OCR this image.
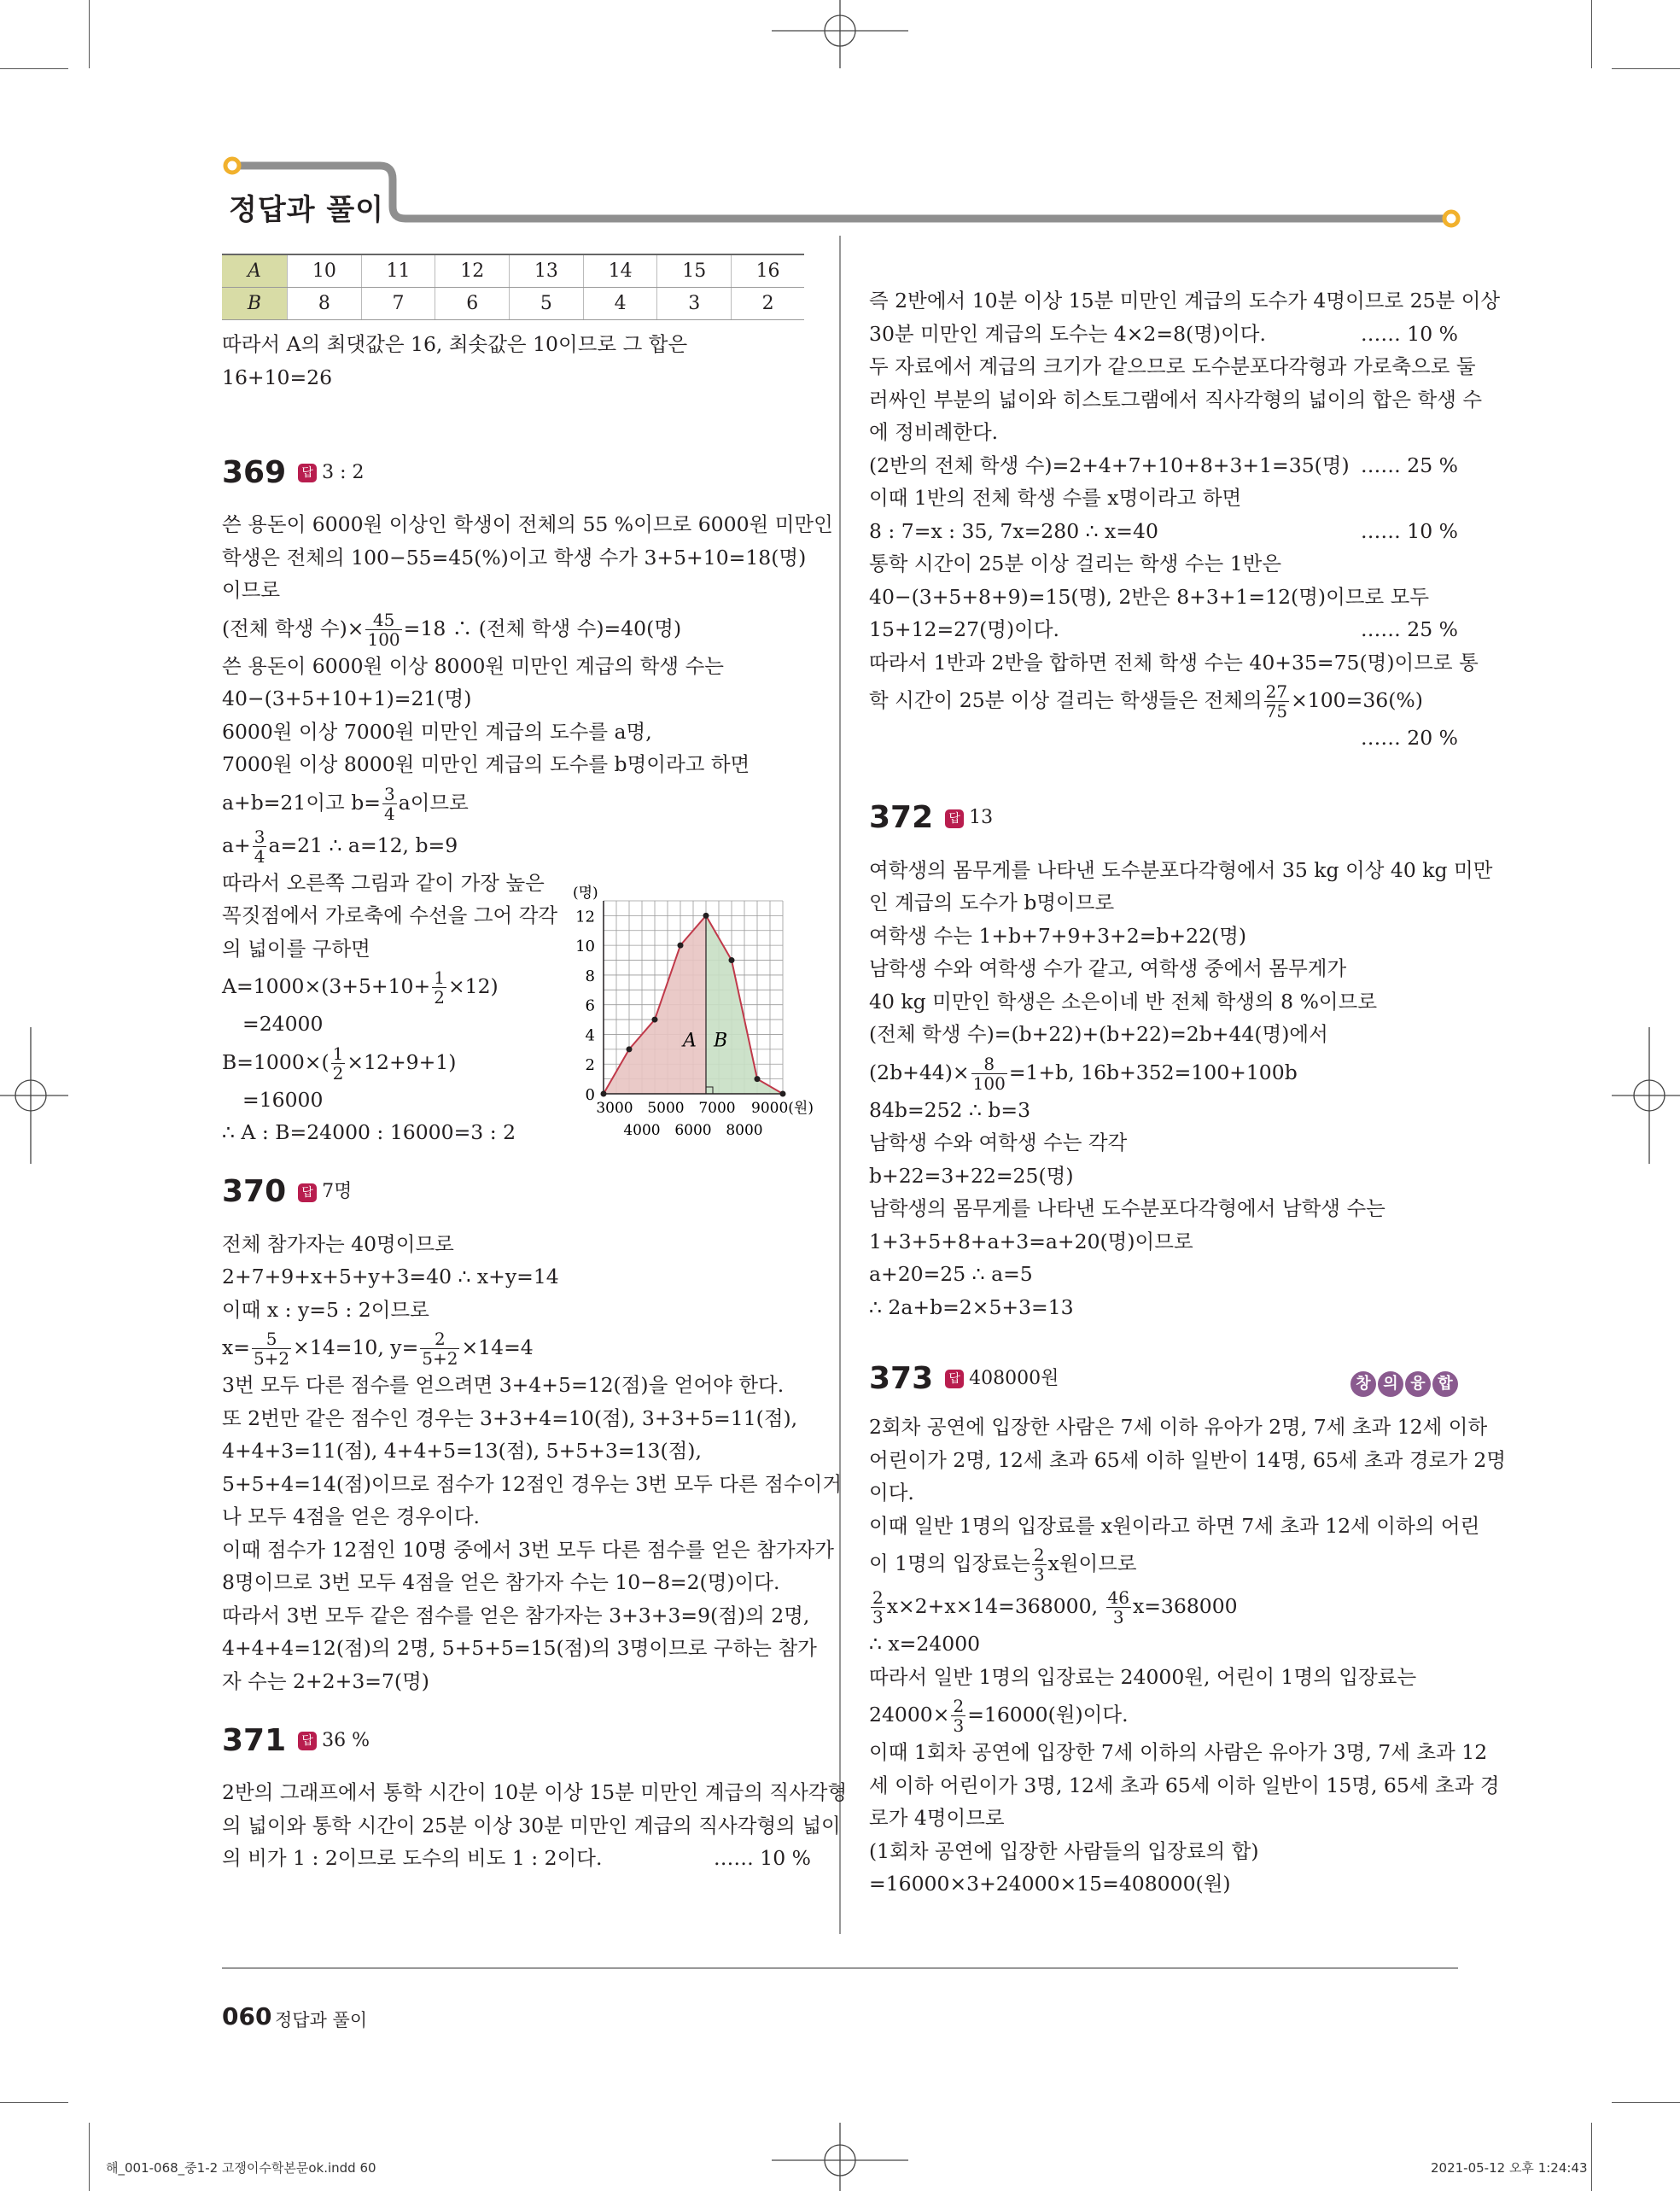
정답과 풀이
A	10	11	12	13	14	15	16
B	8	7	6	5	4	3	2
따라서 A의 최댓값은 16, 최솟값은 10이므로 그 합은
16+10=26
369	답 3 : 2
쓴 용돈이 6000원 이상인 학생이 전체의 55 %이므로 6000원 미만인
학생은 전체의 100−55=45(%)이고 학생 수가 3+5+10=18(명)
이므로
(전체 학생 수)× $\frac{45}{100} =18$ ∴ (전체 학생 수)=40(명)
쓴 용돈이 6000원 이상 8000원 미만인 계급의 학생 수는
40−(3+5+10+1)=21(명)
6000원 이상 7000원 미만인 계급의 도수를 a명,
7000원 이상 8000원 미만인 계급의 도수를 b명이라고 하면
a+b=21이고 $b= \frac{3}{4}$ a이므로
$a+ \frac{3}{4} a=21$ ∴ a=12, b=9
따라서 오른쪽 그림과 같이 가장 높은
꼭짓점에서 가로축에 수선을 그어 각각
의 넓이를 구하면
$A=1000\times(3+5+10+ \frac{1}{2} \times 12)$
=24000
$B=1000\times( \frac{1}{2} \times 12+9+1)$
=16000
∴ A : B=24000 : 16000=3 : 2
370	답 7명
전체 참가자는 40명이므로
2+7+9+x+5+y+3=40 ∴ x+y=14
이때 x : y=5 : 2이므로
$x= \frac{5}{5+2} \times 14=10$, $y= \frac{2}{5+2} \times 14=4$
3번 모두 다른 점수를 얻으려면 3+4+5=12(점)을 얻어야 한다.
또 2번만 같은 점수인 경우는 3+3+4=10(점), 3+3+5=11(점),
4+4+3=11(점), 4+4+5=13(점), 5+5+3=13(점),
5+5+4=14(점)이므로 점수가 12점인 경우는 3번 모두 다른 점수이거
나 모두 4점을 얻은 경우이다.
이때 점수가 12점인 10명 중에서 3번 모두 다른 점수를 얻은 참가자가
8명이므로 3번 모두 4점을 얻은 참가자 수는 10−8=2(명)이다.
따라서 3번 모두 같은 점수를 얻은 참가자는 3+3+3=9(점)의 2명,
4+4+4=12(점)의 2명, 5+5+5=15(점)의 3명이므로 구하는 참가
자 수는 2+2+3=7(명)
371	답 36 %
2반의 그래프에서 통학 시간이 10분 이상 15분 미만인 계급의 직사각형
의 넓이와 통학 시간이 25분 이상 30분 미만인 계급의 직사각형의 넓이
의 비가 1 : 2이므로 도수의 비도 1 : 2이다.	…… 10 %
0
2
4
6
8
10
12
(명)
3000 5000 7000 9000(원)
4000 6000 8000
A B
즉 2반에서 10분 이상 15분 미만인 계급의 도수가 4명이므로 25분 이상
30분 미만인 계급의 도수는 4×2=8(명)이다.	…… 10 %
두 자료에서 계급의 크기가 같으므로 도수분포다각형과 가로축으로 둘
러싸인 부분의 넓이와 히스토그램에서 직사각형의 넓이의 합은 학생 수
에 정비례한다.
(2반의 전체 학생 수)=2+4+7+10+8+3+1=35(명) …… 25 %
이때 1반의 전체 학생 수를 x명이라고 하면
8 : 7=x : 35, 7x=280 ∴ x=40	…… 10 %
통학 시간이 25분 이상 걸리는 학생 수는 1반은
40−(3+5+8+9)=15(명), 2반은 8+3+1=12(명)이므로 모두
15+12=27(명)이다.	…… 25 %
따라서 1반과 2반을 합하면 전체 학생 수는 40+35=75(명)이므로 통
학 시간이 25분 이상 걸리는 학생들은 전체의 $\frac{27}{75} \times 100=36(\%)$
…… 20 %
372	답 13
여학생의 몸무게를 나타낸 도수분포다각형에서 35 kg 이상 40 kg 미만
인 계급의 도수가 b명이므로
여학생 수는 1+b+7+9+3+2=b+22(명)
남학생 수와 여학생 수가 같고, 여학생 중에서 몸무게가
40 kg 미만인 학생은 소은이네 반 전체 학생의 8 %이므로
(전체 학생 수)=(b+22)+(b+22)=2b+44(명)에서
$(2b+44)\times \frac{8}{100} =1+b$, 16b+352=100+100b
84b=252 ∴ b=3
남학생 수와 여학생 수는 각각
b+22=3+22=25(명)
남학생의 몸무게를 나타낸 도수분포다각형에서 남학생 수는
1+3+5+8+a+3=a+20(명)이므로
a+20=25 ∴ a=5
∴ 2a+b=2×5+3=13
373	답 408000원	창 의 융 합
2회차 공연에 입장한 사람은 7세 이하 유아가 2명, 7세 초과 12세 이하
어린이가 2명, 12세 초과 65세 이하 일반이 14명, 65세 초과 경로가 2명
이다.
이때 일반 1명의 입장료를 x원이라고 하면 7세 초과 12세 이하의 어린
이 1명의 입장료는 $\frac{2}{3}$ x원이므로
$\frac{2}{3} x\times 2+x\times 14=368000$, $\frac{46}{3} x=368000$
∴ x=24000
따라서 일반 1명의 입장료는 24000원, 어린이 1명의 입장료는
$24000\times \frac{2}{3} =16000$(원)이다.
이때 1회차 공연에 입장한 7세 이하의 사람은 유아가 3명, 7세 초과 12
세 이하 어린이가 3명, 12세 초과 65세 이하 일반이 15명, 65세 초과 경
로가 4명이므로
(1회차 공연에 입장한 사람들의 입장료의 합)
=16000×3+24000×15=408000(원)
060 정답과 풀이
해_001-068_중1-2 고쟁이수학본문ok.indd 60	2021-05-12 오후 1:24:43
